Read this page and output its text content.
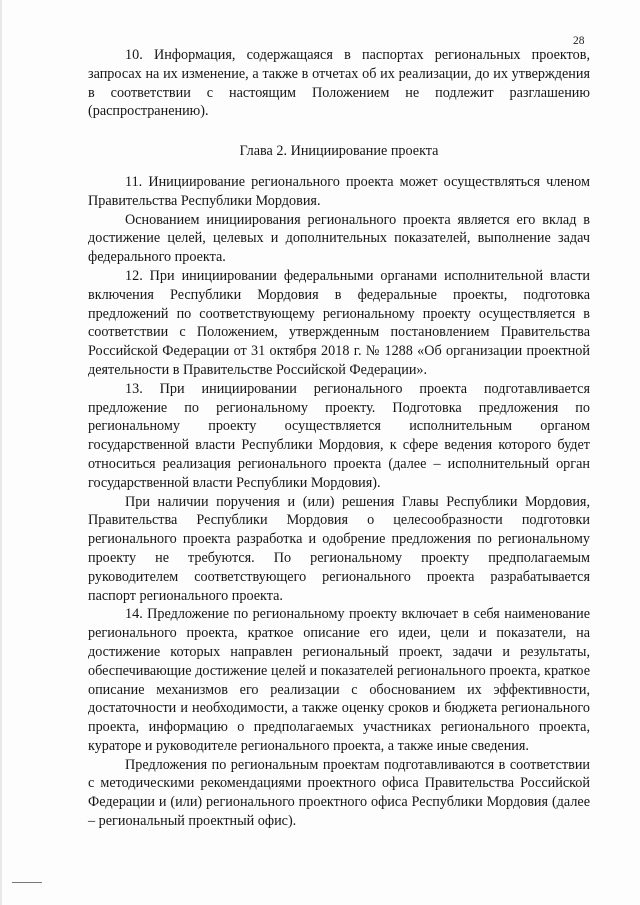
28

10. Информация, содержащаяся в паспортах региональных проектов, запросах на их изменение, а также в отчетах об их реализации, до их утверждения в соответствии с настоящим Положением не подлежит разглашению (распространению).

Глава 2. Инициирование проекта

11. Инициирование регионального проекта может осуществляться членом Правительства Республики Мордовия.

Основанием инициирования регионального проекта является его вклад в достижение целей, целевых и дополнительных показателей, выполнение задач федерального проекта.

12. При инициировании федеральными органами исполнительной власти включения Республики Мордовия в федеральные проекты, подготовка предложений по соответствующему региональному проекту осуществляется в соответствии с Положением, утвержденным постановлением Правительства Российской Федерации от 31 октября 2018 г. № 1288 «Об организации проектной деятельности в Правительстве Российской Федерации».

13. При инициировании регионального проекта подготавливается предложение по региональному проекту. Подготовка предложения по региональному проекту осуществляется исполнительным органом государственной власти Республики Мордовия, к сфере ведения которого будет относиться реализация регионального проекта (далее – исполнительный орган государственной власти Республики Мордовия).

При наличии поручения и (или) решения Главы Республики Мордовия, Правительства Республики Мордовия о целесообразности подготовки регионального проекта разработка и одобрение предложения по региональному проекту не требуются. По региональному проекту предполагаемым руководителем соответствующего регионального проекта разрабатывается паспорт регионального проекта.

14. Предложение по региональному проекту включает в себя наименование регионального проекта, краткое описание его идеи, цели и показатели, на достижение которых направлен региональный проект, задачи и результаты, обеспечивающие достижение целей и показателей регионального проекта, краткое описание механизмов его реализации с обоснованием их эффективности, достаточности и необходимости, а также оценку сроков и бюджета регионального проекта, информацию о предполагаемых участниках регионального проекта, кураторе и руководителе регионального проекта, а также иные сведения.

Предложения по региональным проектам подготавливаются в соответствии с методическими рекомендациями проектного офиса Правительства Российской Федерации и (или) регионального проектного офиса Республики Мордовия (далее – региональный проектный офис).
